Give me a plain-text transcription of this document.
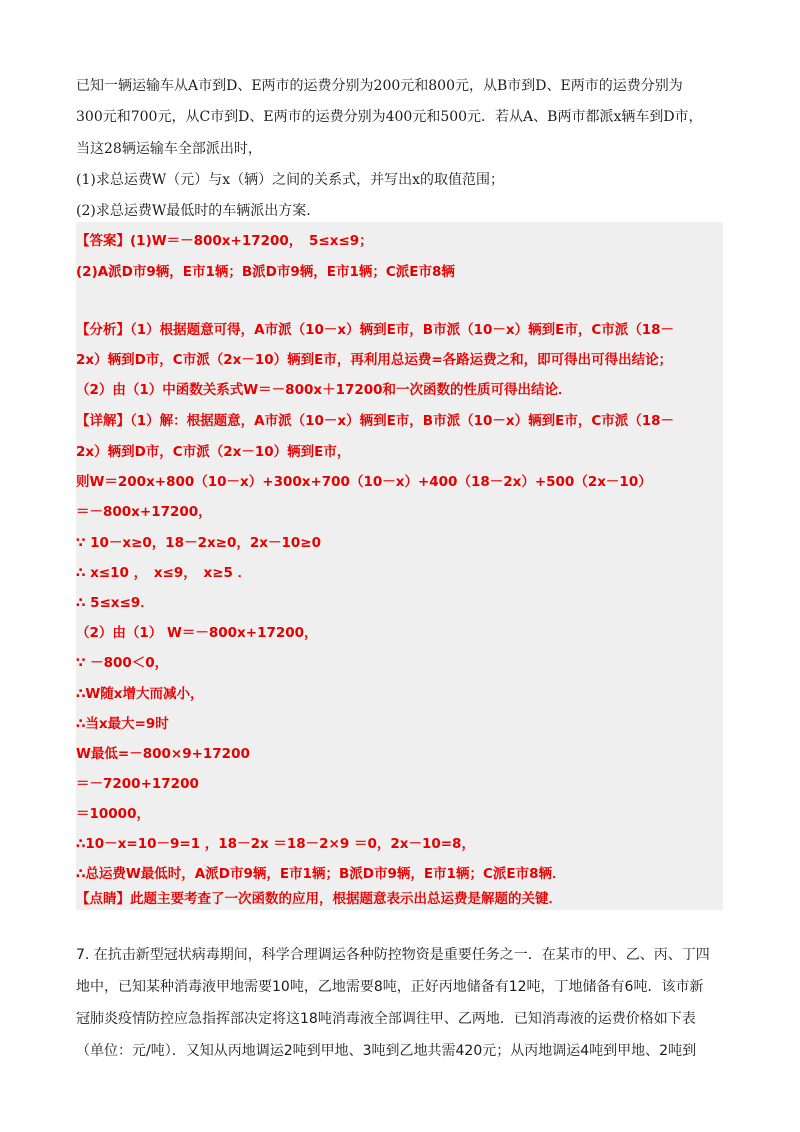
已知一辆运输车从A市到D、E两市的运费分别为200元和800元，从B市到D、E两市的运费分别为
300元和700元，从C市到D、E两市的运费分别为400元和500元．若从A、B两市都派x辆车到D市，
当这28辆运输车全部派出时，
(1)求总运费W（元）与x（辆）之间的关系式，并写出x的取值范围；
(2)求总运费W最低时的车辆派出方案．
【答案】(1)W＝－800x+17200，　5≤x≤9；
(2)A派D市9辆，E市1辆；B派D市9辆，E市1辆；C派E市8辆
【分析】（1）根据题意可得，A市派（10－x）辆到E市，B市派（10－x）辆到E市，C市派（18－
2x）辆到D市，C市派（2x－10）辆到E市，再利用总运费=各路运费之和，即可得出可得出结论；
（2）由（1）中函数关系式W＝－800x＋17200和一次函数的性质可得出结论．
【详解】（1）解：根据题意，A市派（10－x）辆到E市，B市派（10－x）辆到E市，C市派（18－
2x）辆到D市，C市派（2x－10）辆到E市，
则W＝200x+800（10－x）+300x+700（10－x）+400（18－2x）+500（2x－10）
＝－800x+17200，
∵ 10－x≥0，18－2x≥0，2x－10≥0
∴ x≤10 ，　x≤9，　x≥5 ．
∴ 5≤x≤9．
（2）由（1） W＝－800x+17200，
∵ －800＜0，
∴W随x增大而减小，
∴当x最大=9时
W最低=－800×9+17200
＝－7200+17200
＝10000，
∴10－x=10－9=1 ，18－2x ＝18－2×9 ＝0，2x－10=8，
∴总运费W最低时，A派D市9辆，E市1辆；B派D市9辆，E市1辆；C派E市8辆．
【点睛】此题主要考查了一次函数的应用，根据题意表示出总运费是解题的关键．
7. 在抗击新型冠状病毒期间，科学合理调运各种防控物资是重要任务之一．在某市的甲、乙、丙、丁四
地中，已知某种消毒液甲地需要10吨，乙地需要8吨，正好丙地储备有12吨，丁地储备有6吨．该市新
冠肺炎疫情防控应急指挥部决定将这18吨消毒液全部调往甲、乙两地．已知消毒液的运费价格如下表
（单位：元/吨）．又知从丙地调运2吨到甲地、3吨到乙地共需420元；从丙地调运4吨到甲地、2吨到
